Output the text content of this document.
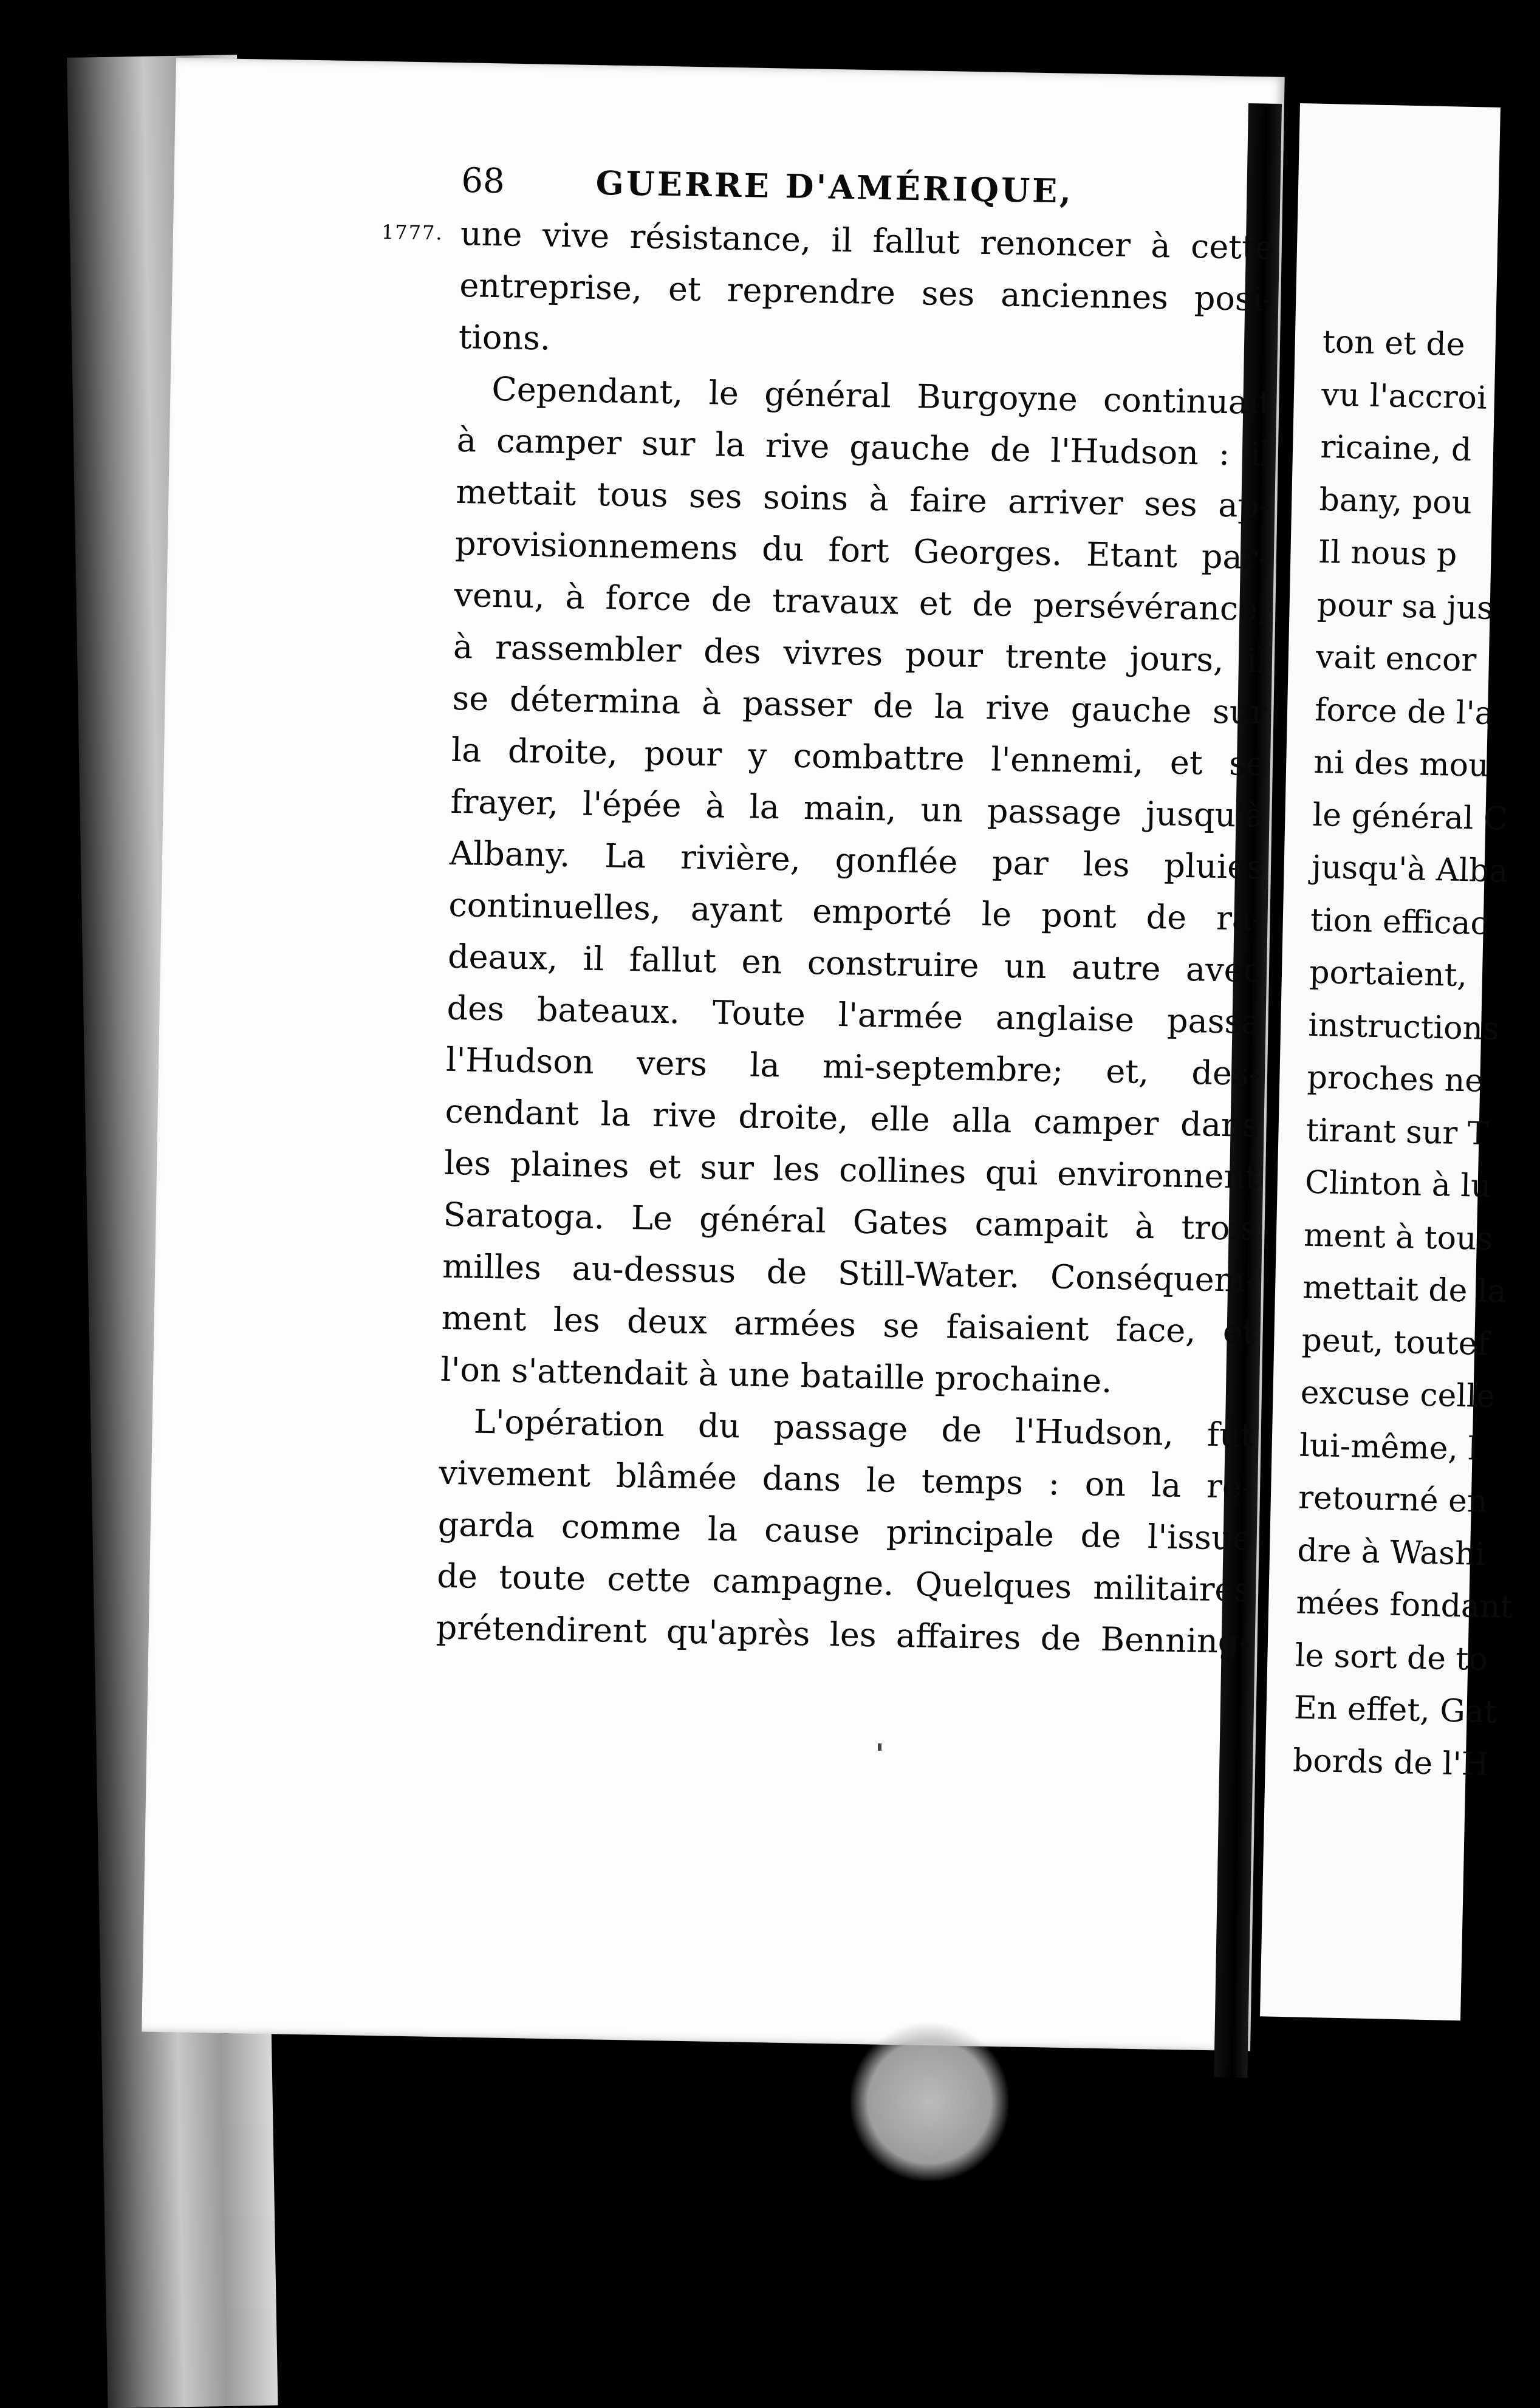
68	GUERRE D'AMÉRIQUE,
1777. une vive résistance, il fallut renoncer à cette
entreprise, et reprendre ses anciennes posi-
tions.

Cependant, le général Burgoyne continuait
à camper sur la rive gauche de l'Hudson : il
mettait tous ses soins à faire arriver ses ap-
provisionnemens du fort Georges. Etant par-
venu, à force de travaux et de persévérance,
à rassembler des vivres pour trente jours, il
se détermina à passer de la rive gauche sur
la droite, pour y combattre l'ennemi, et se
frayer, l'épée à la main, un passage jusqu'à
Albany. La rivière, gonflée par les pluies
continuelles, ayant emporté le pont de ra-
deaux, il fallut en construire un autre avec
des bateaux. Toute l'armée anglaise passa
l'Hudson vers la mi-septembre; et, des-
cendant la rive droite, elle alla camper dans
les plaines et sur les collines qui environnent
Saratoga. Le général Gates campait à trois
milles au-dessus de Still-Water. Conséquem-
ment les deux armées se faisaient face, et
l'on s'attendait à une bataille prochaine.

L'opération du passage de l'Hudson, fut
vivement blâmée dans le temps : on la re-
garda comme la cause principale de l'issue
de toute cette campagne. Quelques militaires
prétendirent qu'après les affaires de Benning-

ton et de
vu l'accroi
ricaine, d
bany, pou
Il nous p
pour sa jus
vait encor
force de l'a
ni des mou
le général C
jusqu'à Alba
tion efficac
portaient,
instructions
proches ne
tirant sur T
Clinton à lu
ment à tous
mettait de la
peut, toutef
excuse celle
lui-même, l
retourné en
dre à Washi
mées fondant
le sort de to
En effet, Gat
bords de l'H
